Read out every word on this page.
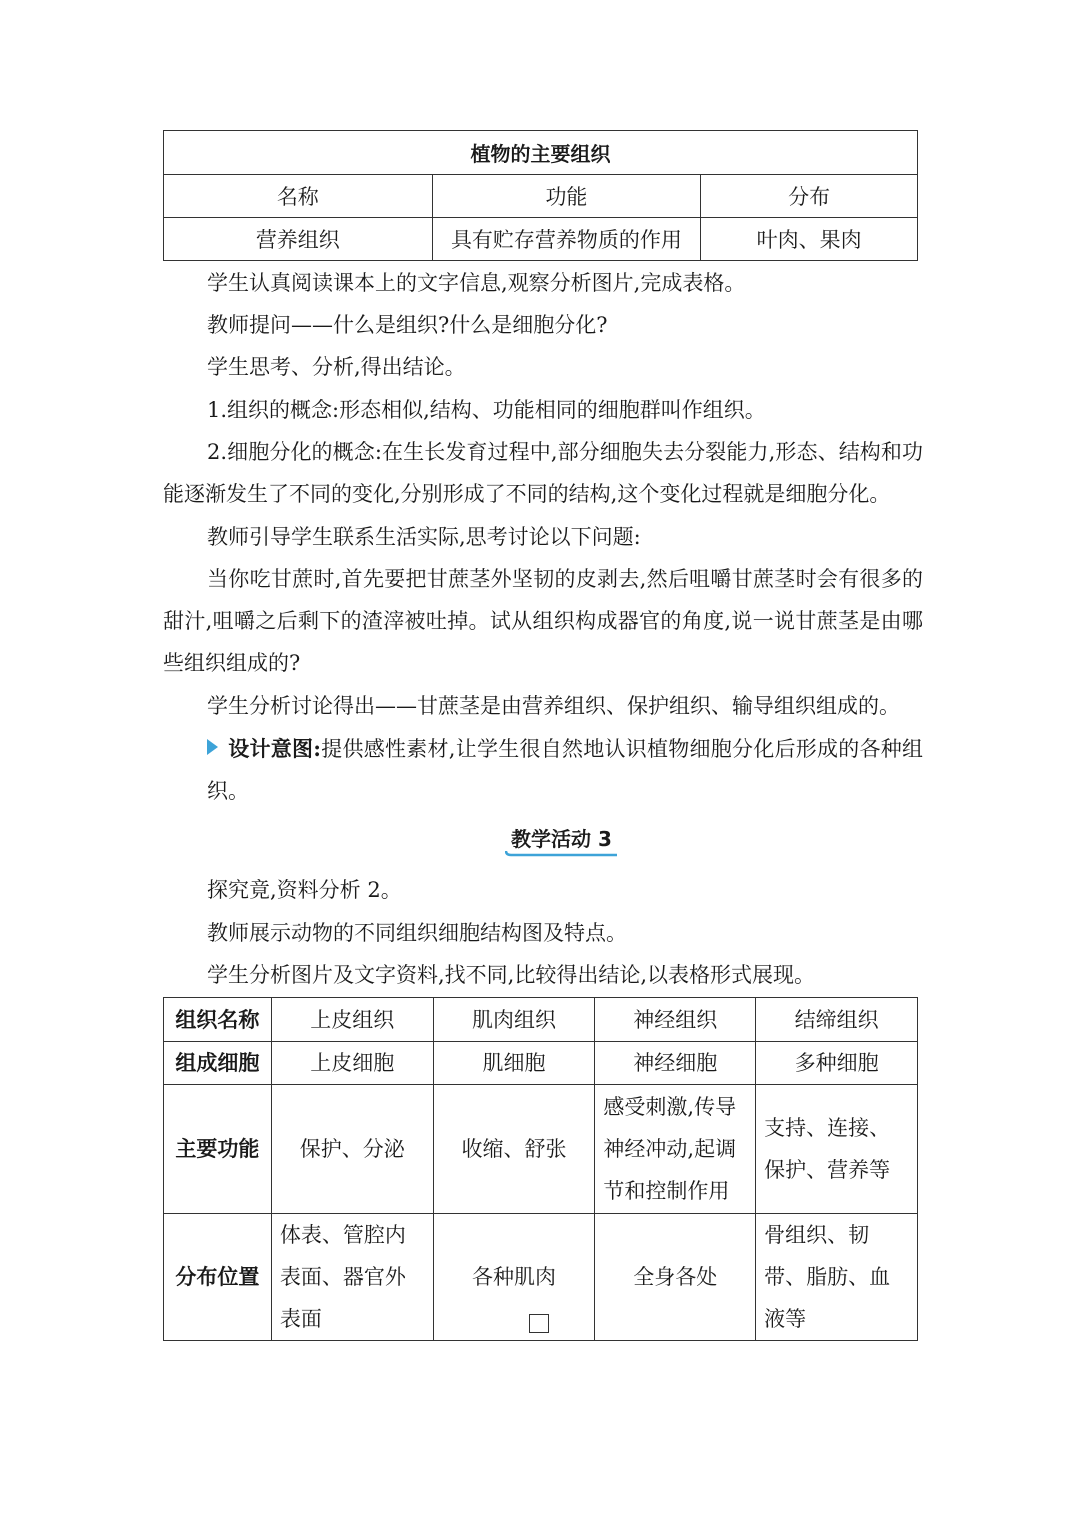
植物的主要组织		
名称	功能	分布
营养组织	具有贮存营养物质的作用	叶肉、果肉

学生认真阅读课本上的文字信息,观察分析图片,完成表格。

教师提问——什么是组织?什么是细胞分化?

学生思考、分析,得出结论。

1.组织的概念:形态相似,结构、功能相同的细胞群叫作组织。

2.细胞分化的概念:在生长发育过程中,部分细胞失去分裂能力,形态、结构和功能逐渐发生了不同的变化,分别形成了不同的结构,这个变化过程就是细胞分化。

教师引导学生联系生活实际,思考讨论以下问题:

当你吃甘蔗时,首先要把甘蔗茎外坚韧的皮剥去,然后咀嚼甘蔗茎时会有很多的甜汁,咀嚼之后剩下的渣滓被吐掉。试从组织构成器官的角度,说一说甘蔗茎是由哪些组织组成的?

学生分析讨论得出——甘蔗茎是由营养组织、保护组织、输导组织组成的。

设计意图:提供感性素材,让学生很自然地认识植物细胞分化后形成的各种组织。

教学活动 3

探究竟,资料分析 2。

教师展示动物的不同组织细胞结构图及特点。

学生分析图片及文字资料,找不同,比较得出结论,以表格形式展现。

组织名称	上皮组织	肌肉组织	神经组织	结缔组织
组成细胞	上皮细胞	肌细胞	神经细胞	多种细胞
主要功能	保护、分泌	收缩、舒张	感受刺激,传导神经冲动,起调节和控制作用	支持、连接、保护、营养等
分布位置	体表、管腔内表面、器官外表面	各种肌肉	全身各处	骨组织、韧带、脂肪、血液等
